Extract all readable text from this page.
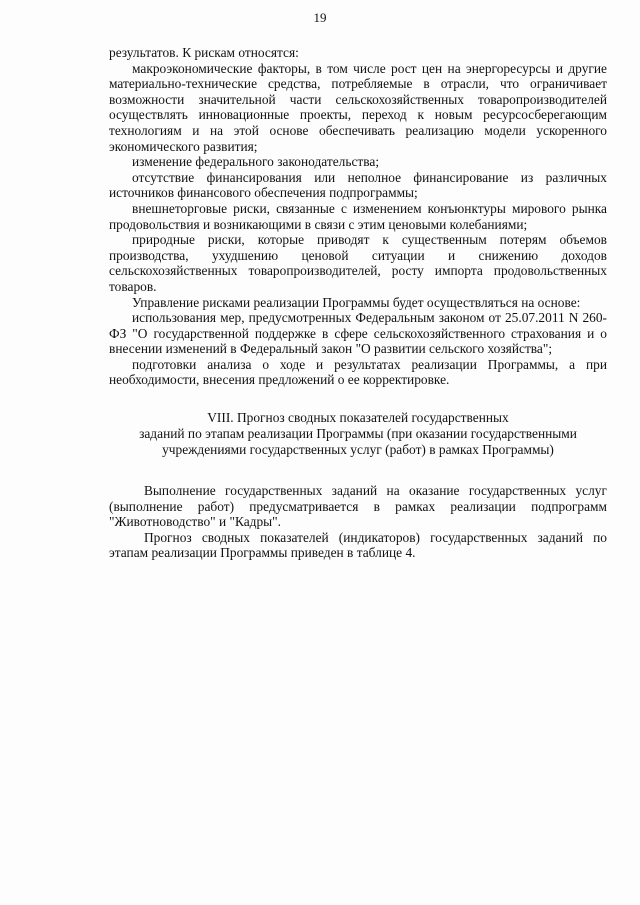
19

результатов. К рискам относятся:

макроэкономические факторы, в том числе рост цен на энергоресурсы и другие материально-технические средства, потребляемые в отрасли, что ограничивает возможности значительной части сельскохозяйственных товаропроизводителей осуществлять инновационные проекты, переход к новым ресурсосберегающим технологиям и на этой основе обеспечивать реализацию модели ускоренного экономического развития;

изменение федерального законодательства;

отсутствие финансирования или неполное финансирование из различных источников финансового обеспечения подпрограммы;

внешнеторговые риски, связанные с изменением конъюнктуры мирового рынка продовольствия и возникающими в связи с этим ценовыми колебаниями;

природные риски, которые приводят к существенным потерям объемов производства, ухудшению ценовой ситуации и снижению доходов сельскохозяйственных товаропроизводителей, росту импорта продовольственных товаров.

Управление рисками реализации Программы будет осуществляться на основе:

использования мер, предусмотренных Федеральным законом от 25.07.2011 N 260-ФЗ "О государственной поддержке в сфере сельскохозяйственного страхования и о внесении изменений в Федеральный закон "О развитии сельского хозяйства";

подготовки анализа о ходе и результатах реализации Программы, а при необходимости, внесения предложений о ее корректировке.

VIII. Прогноз сводных показателей государственных
заданий по этапам реализации Программы (при оказании государственными
учреждениями государственных услуг (работ) в рамках Программы)

Выполнение государственных заданий на оказание государственных услуг (выполнение работ) предусматривается в рамках реализации подпрограмм "Животноводство" и "Кадры".

Прогноз сводных показателей (индикаторов) государственных заданий по этапам реализации Программы приведен в таблице 4.
